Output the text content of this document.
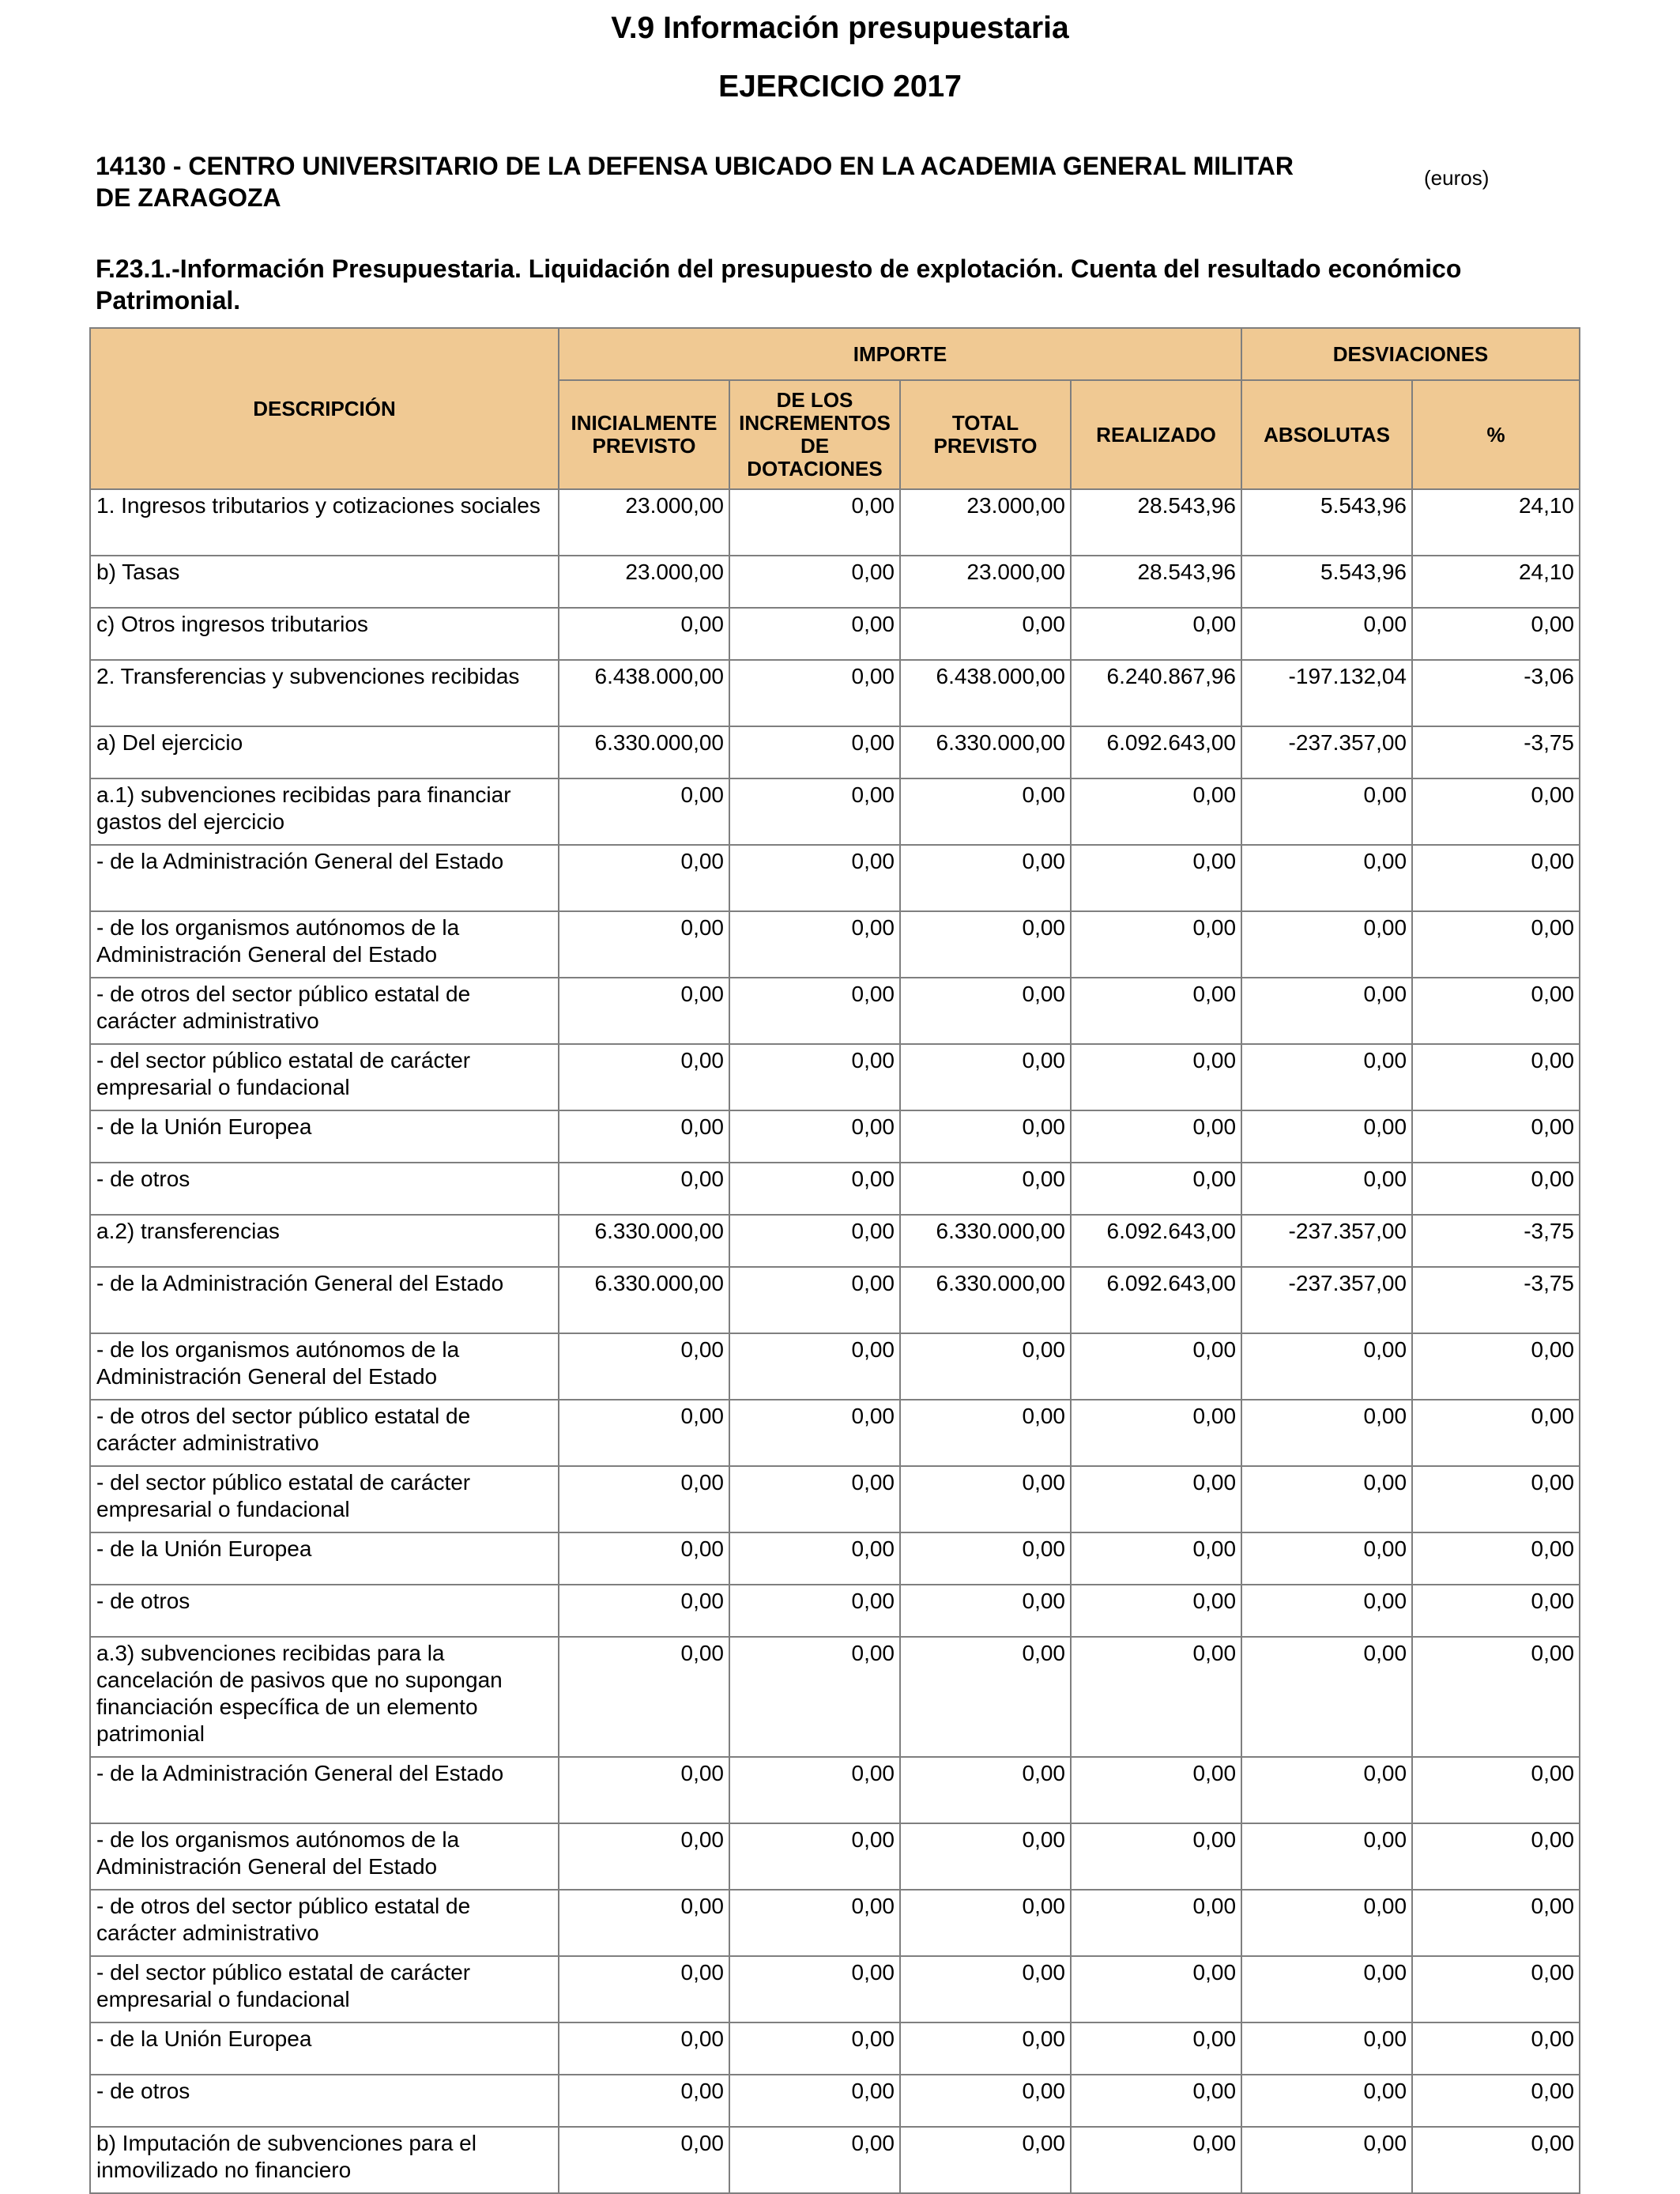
V.9 Información presupuestaria
EJERCICIO 2017
14130 - CENTRO UNIVERSITARIO DE LA DEFENSA UBICADO EN LA ACADEMIA GENERAL MILITAR DE ZARAGOZA
(euros)
F.23.1.-Información Presupuestaria. Liquidación del presupuesto de explotación. Cuenta del resultado económico Patrimonial.
DESCRIPCIÓN	IMPORTE				DESVIACIONES	
	INICIALMENTE PREVISTO	DE LOS INCREMENTOS DE DOTACIONES	TOTAL PREVISTO	REALIZADO	ABSOLUTAS	%
1. Ingresos tributarios y cotizaciones sociales	23.000,00	0,00	23.000,00	28.543,96	5.543,96	24,10
b) Tasas	23.000,00	0,00	23.000,00	28.543,96	5.543,96	24,10
c) Otros ingresos tributarios	0,00	0,00	0,00	0,00	0,00	0,00
2. Transferencias y subvenciones recibidas	6.438.000,00	0,00	6.438.000,00	6.240.867,96	-197.132,04	-3,06
a) Del ejercicio	6.330.000,00	0,00	6.330.000,00	6.092.643,00	-237.357,00	-3,75
a.1) subvenciones recibidas para financiar gastos del ejercicio	0,00	0,00	0,00	0,00	0,00	0,00
- de la Administración General del Estado	0,00	0,00	0,00	0,00	0,00	0,00
- de los organismos autónomos de la Administración General del Estado	0,00	0,00	0,00	0,00	0,00	0,00
- de otros del sector público estatal de carácter administrativo	0,00	0,00	0,00	0,00	0,00	0,00
- del sector público estatal de carácter empresarial o fundacional	0,00	0,00	0,00	0,00	0,00	0,00
- de la Unión Europea	0,00	0,00	0,00	0,00	0,00	0,00
- de otros	0,00	0,00	0,00	0,00	0,00	0,00
a.2) transferencias	6.330.000,00	0,00	6.330.000,00	6.092.643,00	-237.357,00	-3,75
- de la Administración General del Estado	6.330.000,00	0,00	6.330.000,00	6.092.643,00	-237.357,00	-3,75
- de los organismos autónomos de la Administración General del Estado	0,00	0,00	0,00	0,00	0,00	0,00
- de otros del sector público estatal de carácter administrativo	0,00	0,00	0,00	0,00	0,00	0,00
- del sector público estatal de carácter empresarial o fundacional	0,00	0,00	0,00	0,00	0,00	0,00
- de la Unión Europea	0,00	0,00	0,00	0,00	0,00	0,00
- de otros	0,00	0,00	0,00	0,00	0,00	0,00
a.3) subvenciones recibidas para la cancelación de pasivos que no supongan financiación específica de un elemento patrimonial	0,00	0,00	0,00	0,00	0,00	0,00
- de la Administración General del Estado	0,00	0,00	0,00	0,00	0,00	0,00
- de los organismos autónomos de la Administración General del Estado	0,00	0,00	0,00	0,00	0,00	0,00
- de otros del sector público estatal de carácter administrativo	0,00	0,00	0,00	0,00	0,00	0,00
- del sector público estatal de carácter empresarial o fundacional	0,00	0,00	0,00	0,00	0,00	0,00
- de la Unión Europea	0,00	0,00	0,00	0,00	0,00	0,00
- de otros	0,00	0,00	0,00	0,00	0,00	0,00
b) Imputación de subvenciones para el inmovilizado no financiero	0,00	0,00	0,00	0,00	0,00	0,00
